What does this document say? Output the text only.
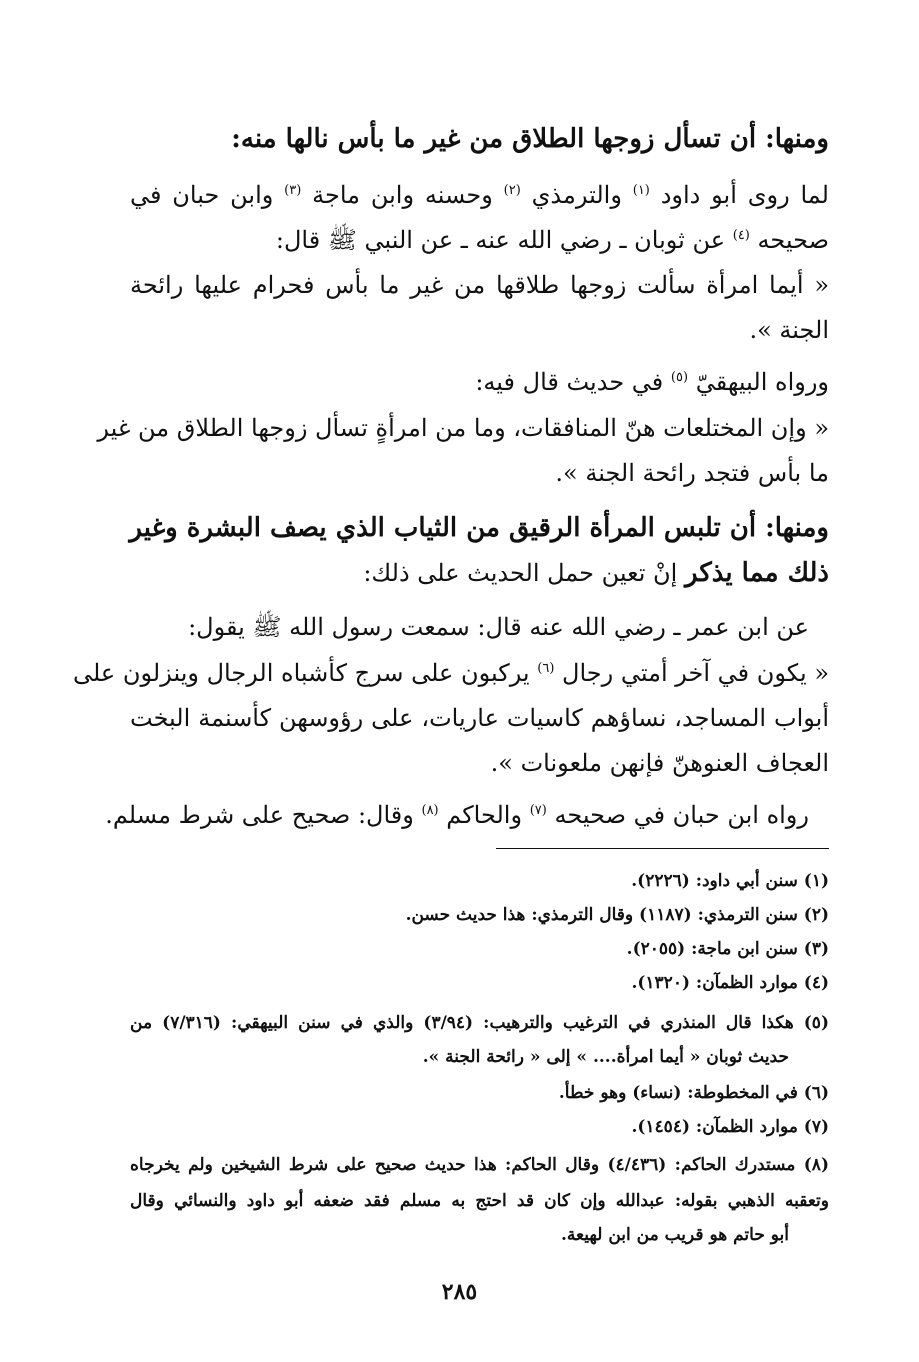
ومنها: أن تسأل زوجها الطلاق من غير ما بأس نالها منه:
لما روى أبو داود $^{(١)}$ والترمذي $^{(٢)}$ وحسنه وابن ماجة $^{(٣)}$ وابن حبان في
صحيحه $^{(٤)}$ عن ثوبان ـ رضي الله عنه ـ عن النبي ﷺ قال:
« أيما امرأة سألت زوجها طلاقها من غير ما بأس فحرام عليها رائحة
الجنة ».
ورواه البيهقيّ $^{(٥)}$ في حديث قال فيه:
« وإن المختلعات هنّ المنافقات، وما من امرأةٍ تسأل زوجها الطلاق من غير
ما بأس فتجد رائحة الجنة ».
ومنها: أن تلبس المرأة الرقيق من الثياب الذي يصف البشرة وغير
ذلك مما يذكر إنْ تعين حمل الحديث على ذلك:
عن ابن عمر ـ رضي الله عنه قال: سمعت رسول الله ﷺ يقول:
« يكون في آخر أمتي رجال $^{(٦)}$ يركبون على سرج كأشباه الرجال وينزلون على
أبواب المساجد، نساؤهم كاسيات عاريات، على رؤوسهن كأسنمة البخت
العجاف العنوهنّ فإنهن ملعونات ».
رواه ابن حبان في صحيحه $^{(٧)}$ والحاكم $^{(٨)}$ وقال: صحيح على شرط مسلم.
(١) سنن أبي داود: (٢٢٢٦).
(٢) سنن الترمذي: (١١٨٧) وقال الترمذي: هذا حديث حسن.
(٣) سنن ابن ماجة: (٢٠٥٥).
(٤) موارد الظمآن: (١٣٢٠).
(٥) هكذا قال المنذري في الترغيب والترهيب: (٣/٩٤) والذي في سنن البيهقي: (٧/٣١٦) من
حديث ثوبان « أيما امرأة.... » إلى « رائحة الجنة ».
(٦) في المخطوطة: (نساء) وهو خطأ.
(٧) موارد الظمآن: (١٤٥٤).
(٨) مستدرك الحاكم: (٤/٤٣٦) وقال الحاكم: هذا حديث صحيح على شرط الشيخين ولم يخرجاه
وتعقبه الذهبي بقوله: عبدالله وإن كان قد احتج به مسلم فقد ضعفه أبو داود والنسائي وقال
أبو حاتم هو قريب من ابن لهيعة.
٢٨٥
